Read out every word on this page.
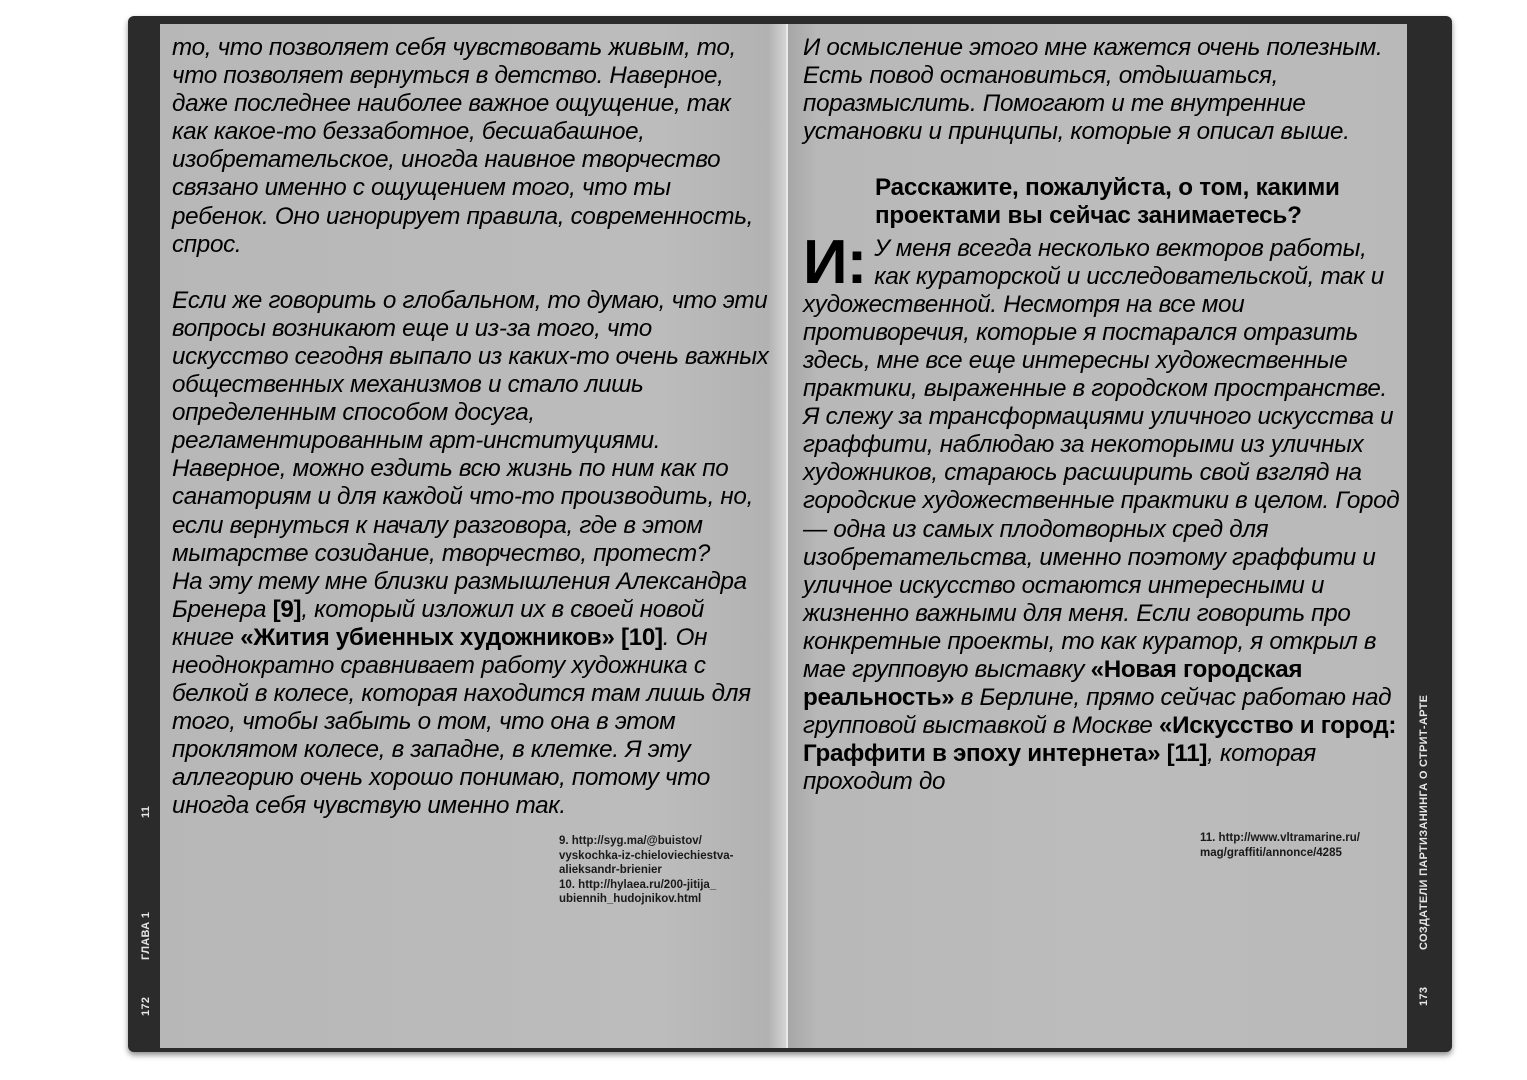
то, что позволяет себя чувствовать живым, то, что позволяет вернуться в детство. Наверное, даже последнее наиболее важное ощущение, так как какое-то беззаботное, бесшабашное, изобретательское, иногда наивное творчество связано именно с ощущением того, что ты ребенок. Оно игнорирует правила, современность, спрос.

Если же говорить о глобальном, то думаю, что эти вопросы возникают еще и из-за того, что искусство сегодня выпало из каких-то очень важных общественных механизмов и стало лишь определенным способом досуга, регламентированным арт-институциями. Наверное, можно ездить всю жизнь по ним как по санаториям и для каждой что-то производить, но, если вернуться к началу разговора, где в этом мытарстве созидание, творчество, протест?

На эту тему мне близки размышления Александра Бренера [9], который изложил их в своей новой книге «Жития убиенных художников» [10]. Он неоднократно сравнивает работу художника с белкой в колесе, которая находится там лишь для того, чтобы забыть о том, что она в этом проклятом колесе, в западне, в клетке. Я эту аллегорию очень хорошо понимаю, потому что иногда себя чувствую именно так.

9. http://syg.ma/@buistov/
vyskochka-iz-chieloviechiestva-
alieksandr-brienier
10. http://hylaea.ru/200-jitija_
ubiennih_hudojnikov.html

И осмысление этого мне кажется очень полезным. Есть повод остановиться, отдышаться, поразмыслить. Помогают и те внутренние установки и принципы, которые я описал выше.

Расскажите, пожалуйста, о том, какими проектами вы сейчас занимаетесь?

И: У меня всегда несколько векторов работы, как кураторской и исследовательской, так и художественной. Несмотря на все мои противоречия, которые я постарался отразить здесь, мне все еще интересны художественные практики, выраженные в городском пространстве. Я слежу за трансформациями уличного искусства и граффити, наблюдаю за некоторыми из уличных художников, стараюсь расширить свой взгляд на городские художественные практики в целом. Город — одна из самых плодотворных сред для изобретательства, именно поэтому граффити и уличное искусство остаются интересными и жизненно важными для меня. Если говорить про конкретные проекты, то как куратор, я открыл в мае групповую выставку «Новая городская реальность» в Берлине, прямо сейчас работаю над групповой выставкой в Москве «Искусство и город: Граффити в эпоху интернета» [11], которая проходит до

11. http://www.vltramarine.ru/
mag/graffiti/annonce/4285
172
ГЛАВА 1
11
173
СОЗДАТЕЛИ ПАРТИЗАНИНГА О СТРИТ-АРТЕ
